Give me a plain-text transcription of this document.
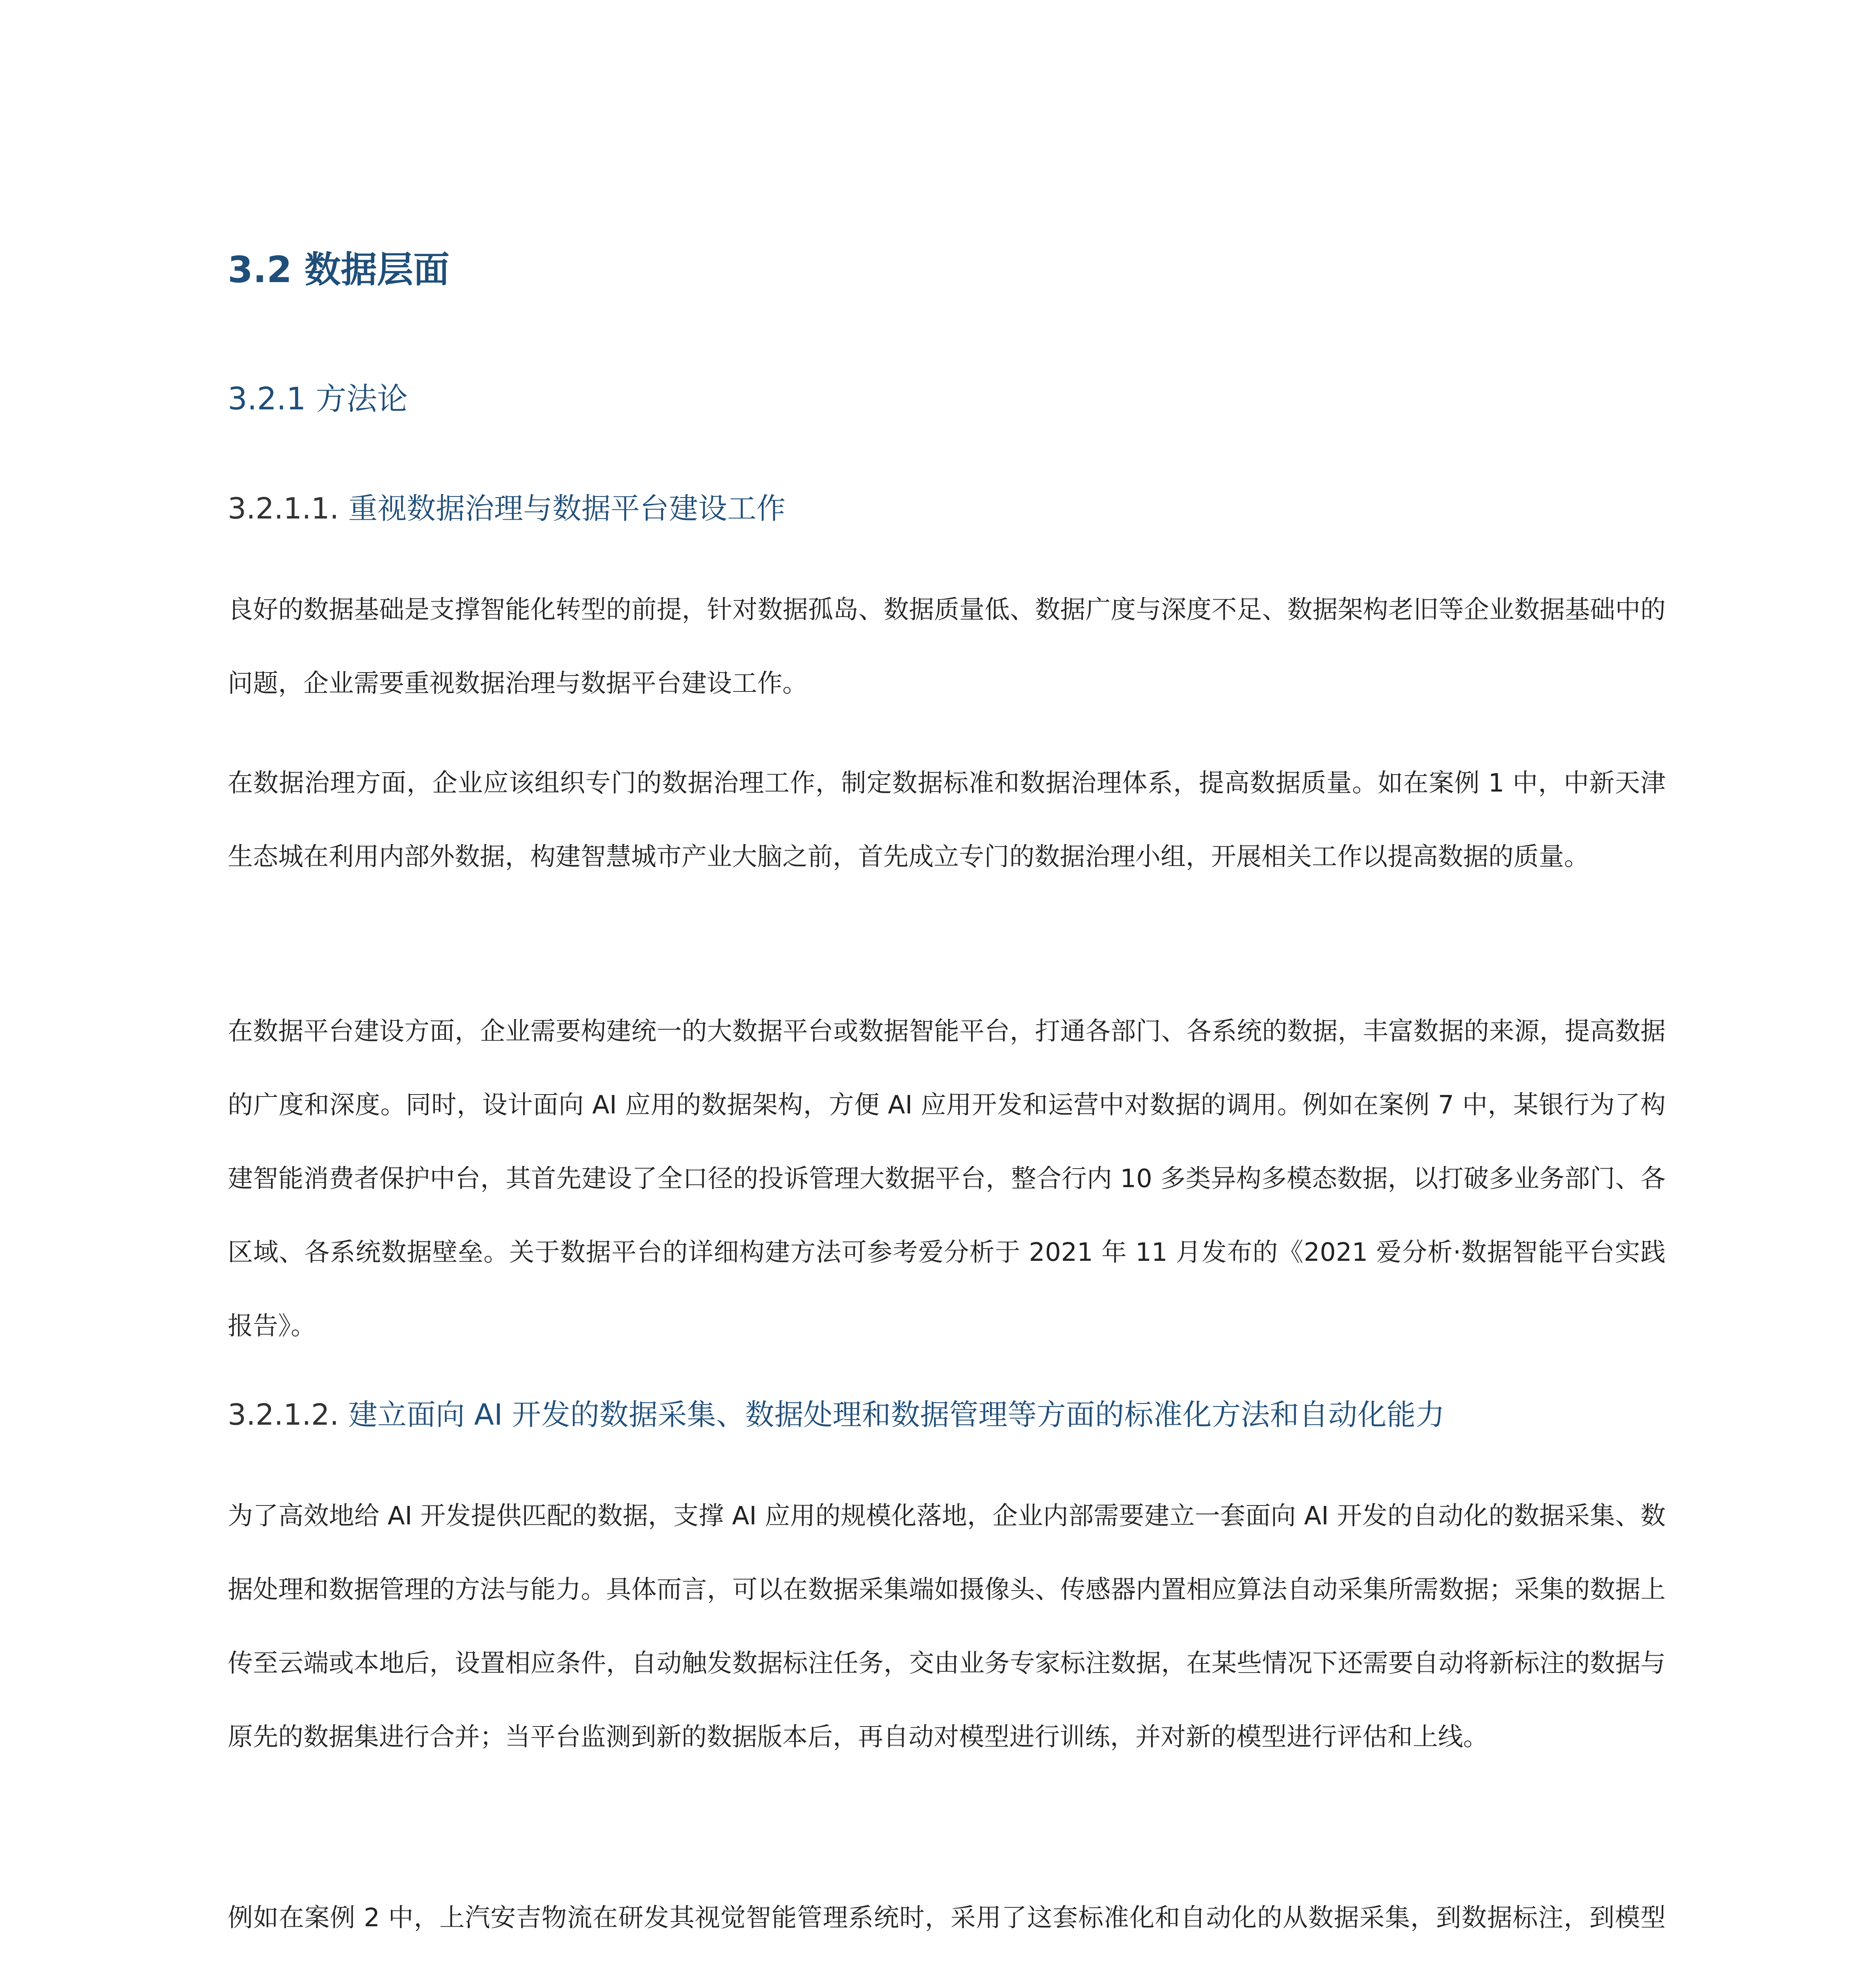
3.2 数据层面
3.2.1 方法论
3.2.1.1. 重视数据治理与数据平台建设工作
良好的数据基础是支撑智能化转型的前提，针对数据孤岛、数据质量低、数据广度与深度不足、数据架构老旧等企业数据基础中的问题，企业需要重视数据治理与数据平台建设工作。
在数据治理方面，企业应该组织专门的数据治理工作，制定数据标准和数据治理体系，提高数据质量。如在案例 1 中，中新天津生态城在利用内部外数据，构建智慧城市产业大脑之前，首先成立专门的数据治理小组，开展相关工作以提高数据的质量。
在数据平台建设方面，企业需要构建统一的大数据平台或数据智能平台，打通各部门、各系统的数据，丰富数据的来源，提高数据的广度和深度。同时，设计面向 AI 应用的数据架构，方便 AI 应用开发和运营中对数据的调用。例如在案例 7 中，某银行为了构建智能消费者保护中台，其首先建设了全口径的投诉管理大数据平台，整合行内 10 多类异构多模态数据，以打破多业务部门、各区域、各系统数据壁垒。关于数据平台的详细构建方法可参考爱分析于 2021 年 11 月发布的《2021 爱分析·数据智能平台实践报告》。
3.2.1.2. 建立面向 AI 开发的数据采集、数据处理和数据管理等方面的标准化方法和自动化能力
为了高效地给 AI 开发提供匹配的数据，支撑 AI 应用的规模化落地，企业内部需要建立一套面向 AI 开发的自动化的数据采集、数据处理和数据管理的方法与能力。具体而言，可以在数据采集端如摄像头、传感器内置相应算法自动采集所需数据；采集的数据上传至云端或本地后，设置相应条件，自动触发数据标注任务，交由业务专家标注数据，在某些情况下还需要自动将新标注的数据与原先的数据集进行合并；当平台监测到新的数据版本后，再自动对模型进行训练，并对新的模型进行评估和上线。
例如在案例 2 中，上汽安吉物流在研发其视觉智能管理系统时，采用了这套标准化和自动化的从数据采集，到数据标注，到模型
